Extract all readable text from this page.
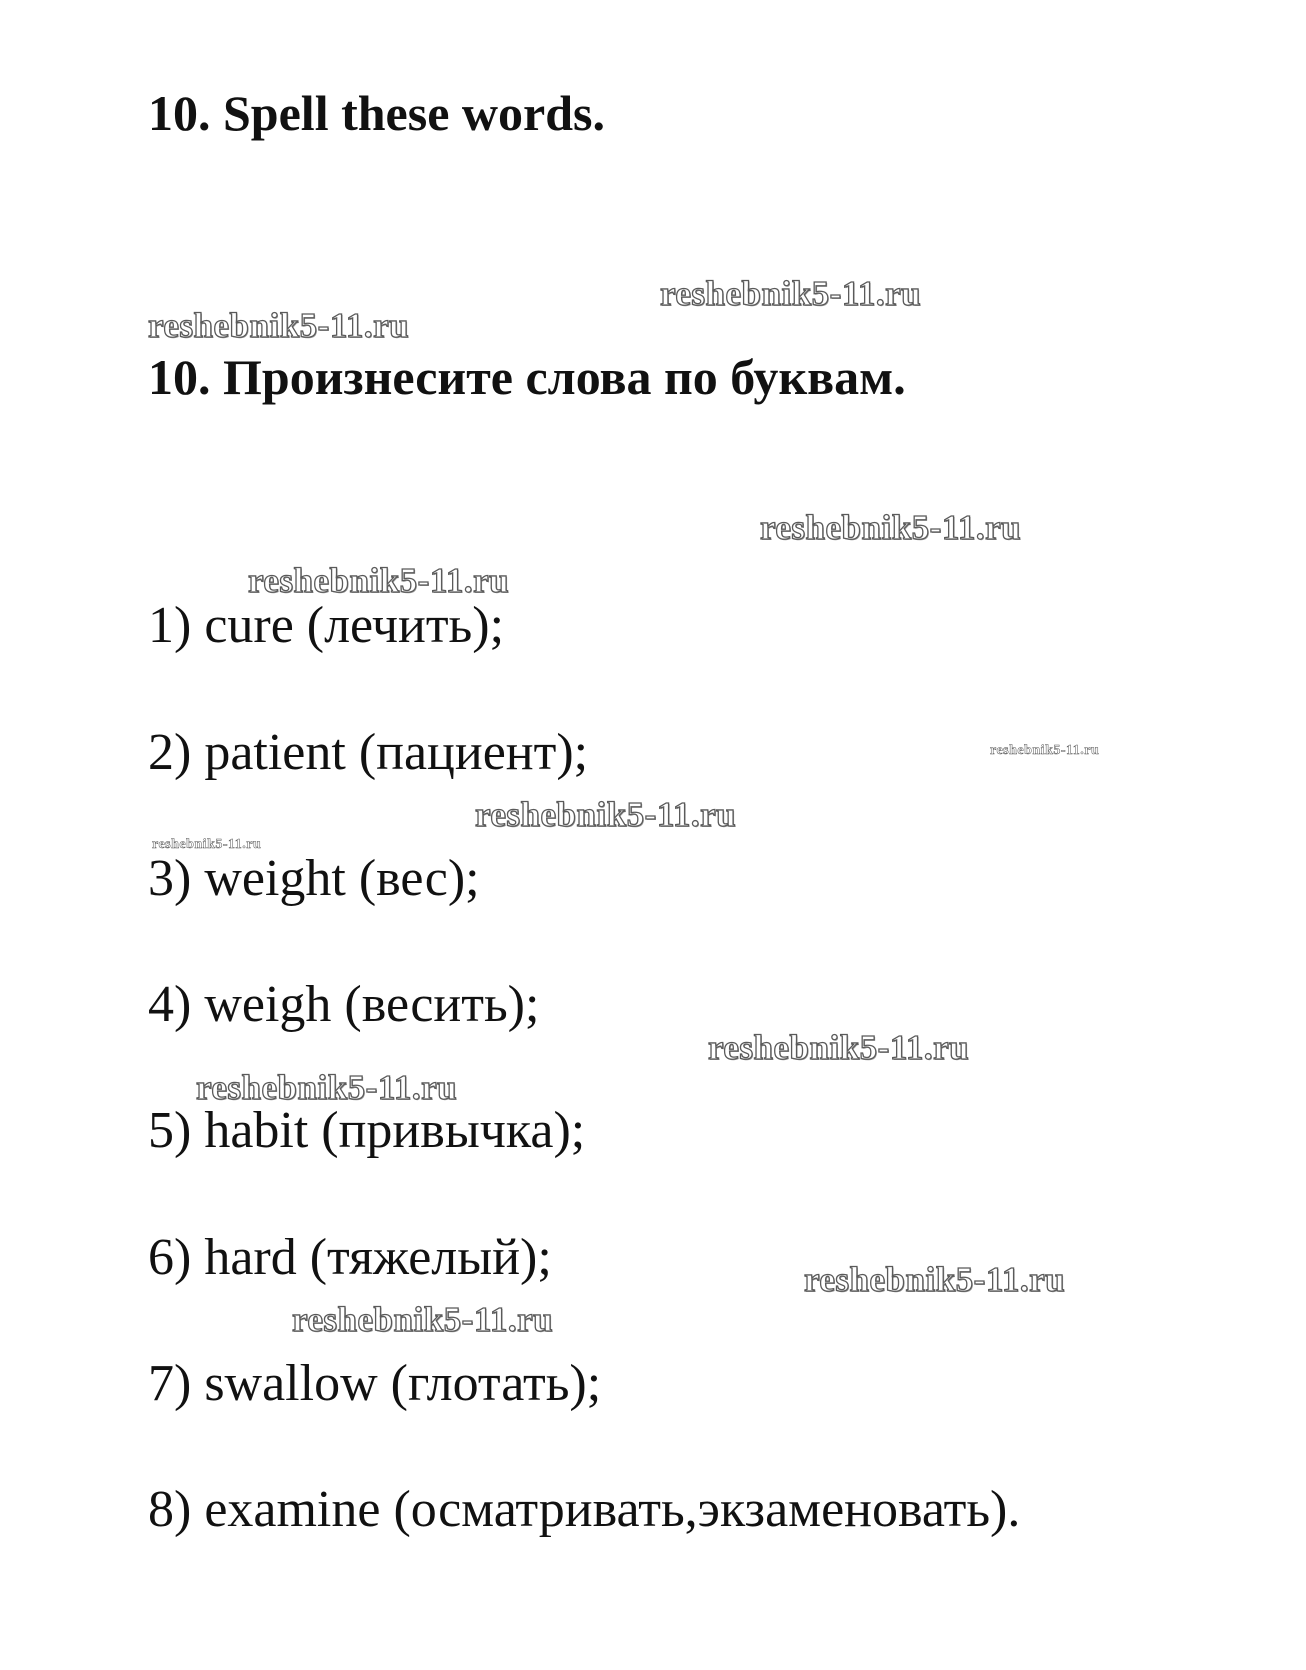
10. Spell these words.
10. Произнесите слова по буквам.

1) cure (лечить);

2) patient (пациент);

3) weight (вес);

4) weigh (весить);

5) habit (привычка);

6) hard (тяжелый);

7) swallow (глотать);

8) examine (осматривать,экзаменовать).

reshebnik5-11.ru
reshebnik5-11.ru
reshebnik5-11.ru
reshebnik5-11.ru
reshebnik5-11.ru
reshebnik5-11.ru
reshebnik5-11.ru
reshebnik5-11.ru
reshebnik5-11.ru
reshebnik5-11.ru
reshebnik5-11.ru
